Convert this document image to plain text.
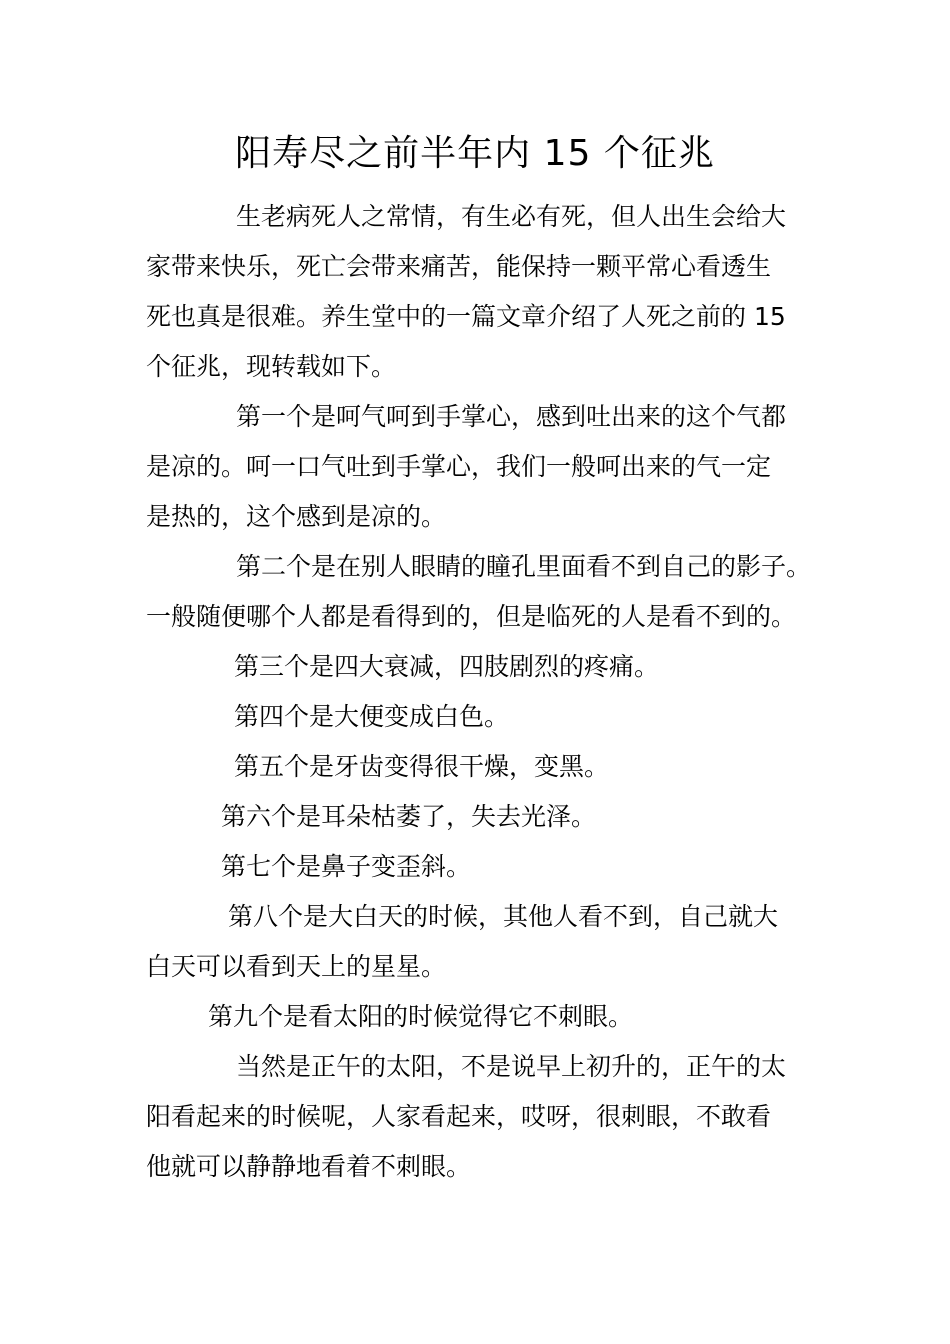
阳寿尽之前半年内 15 个征兆
生老病死人之常情，有生必有死，但人出生会给大
家带来快乐，死亡会带来痛苦，能保持一颗平常心看透生
死也真是很难。养生堂中的一篇文章介绍了人死之前的 15
个征兆，现转载如下。
第一个是呵气呵到手掌心，感到吐出来的这个气都
是凉的。呵一口气吐到手掌心，我们一般呵出来的气一定
是热的，这个感到是凉的。
第二个是在别人眼睛的瞳孔里面看不到自己的影子。
一般随便哪个人都是看得到的，但是临死的人是看不到的。
第三个是四大衰减，四肢剧烈的疼痛。
第四个是大便变成白色。
第五个是牙齿变得很干燥，变黑。
第六个是耳朵枯萎了，失去光泽。
第七个是鼻子变歪斜。
第八个是大白天的时候，其他人看不到，自己就大
白天可以看到天上的星星。
第九个是看太阳的时候觉得它不刺眼。
当然是正午的太阳，不是说早上初升的，正午的太
阳看起来的时候呢，人家看起来，哎呀，很刺眼，不敢看
他就可以静静地看着不刺眼。
